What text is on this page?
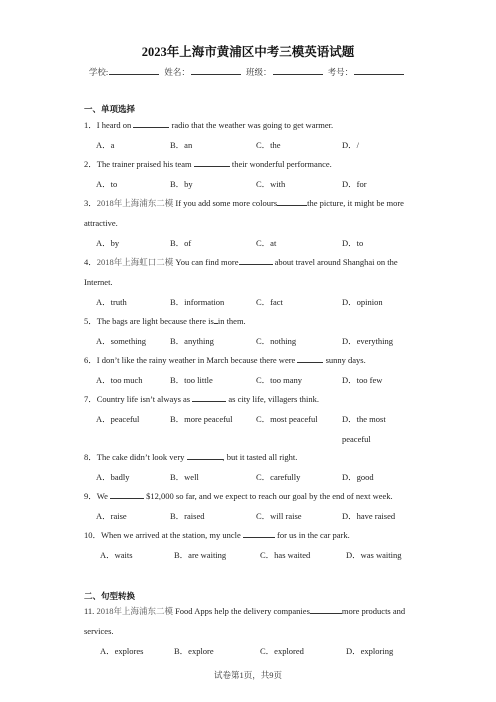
2023年上海市黄浦区中考三模英语试题
学校:	姓名：	班级：	考号：
一、单项选择
1．I heard on	radio that the weather was going to get warmer.
A．a	B．an	C．the	D．/
2．The trainer praised his team	their wonderful performance.
A．to	B．by	C．with	D．for
3．2018年上海浦东二模 If you add some more colours	the picture, it might be more attractive.
A．by	B．of	C．at	D．to
4．2018年上海虹口二模 You can find more	about travel around Shanghai on the Internet.
A．truth	B．information	C．fact	D．opinion
5．The bags are light because there is in them.
A．something	B．anything	C．nothing	D．everything
6．I don’t like the rainy weather in March because there were	sunny days.
A．too much	B．too little	C．too many	D．too few
7．Country life isn’t always as	as city life, villagers think.
A．peaceful	B．more peaceful	C．most peaceful	D．the most peaceful
8．The cake didn’t look very	, but it tasted all right.
A．badly	B．well	C．carefully	D．good
9．We	$12,000 so far, and we expect to reach our goal by the end of next week.
A．raise	B．raised	C．will raise	D．have raised
10．When we arrived at the station, my uncle	for us in the car park.
A．waits	B．are waiting	C．has waited	D．was waiting
二、句型转换
11. 2018年上海浦东二模 Food Apps help the delivery companies	more products and services.
A．explores	B．explore	C．explored	D．exploring
试卷第1页，共9页
